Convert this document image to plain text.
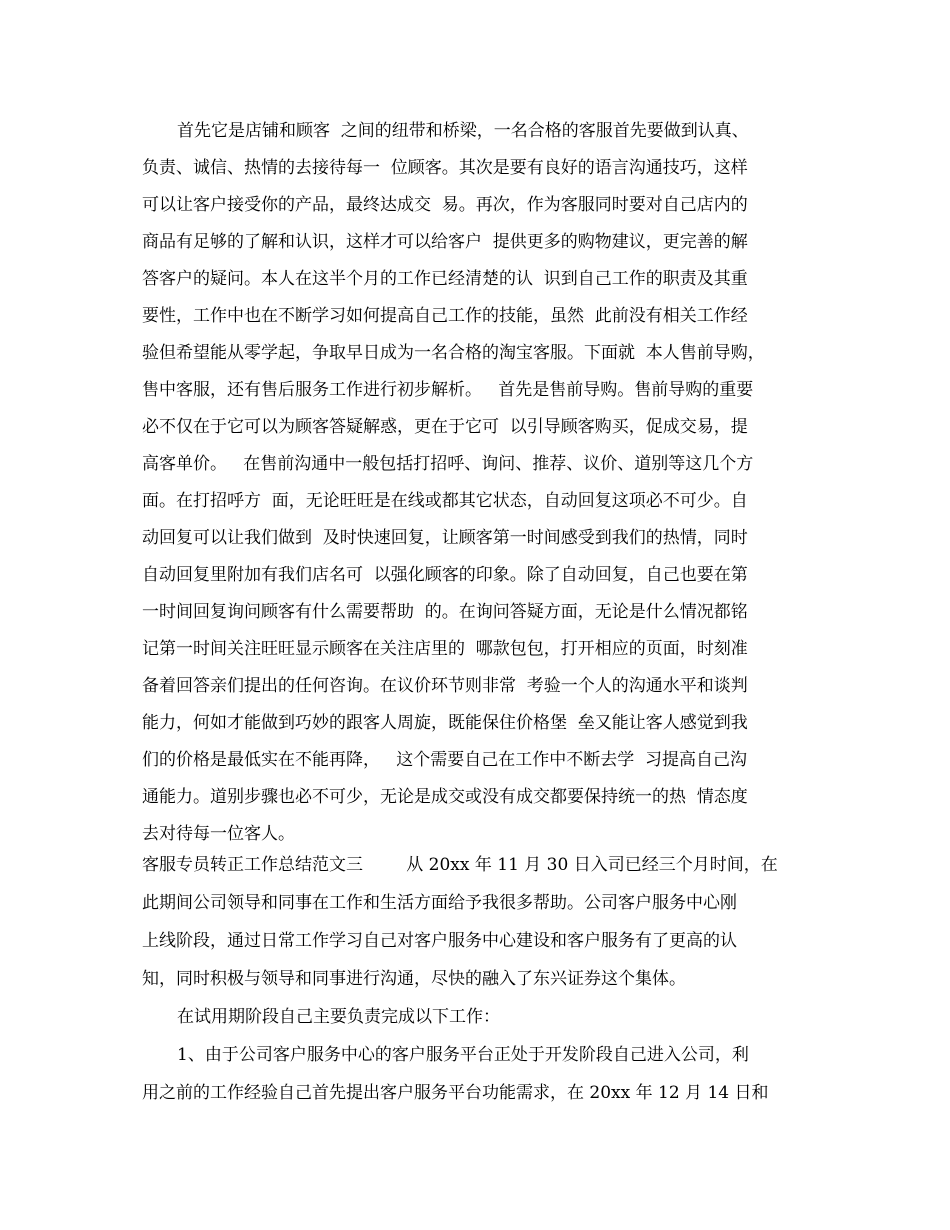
首先它是店铺和顾客  之间的纽带和桥梁，一名合格的客服首先要做到认真、
负责、诚信、热情的去接待每一  位顾客。其次是要有良好的语言沟通技巧，这样
可以让客户接受你的产品，最终达成交  易。再次，作为客服同时要对自己店内的
商品有足够的了解和认识，这样才可以给客户  提供更多的购物建议，更完善的解
答客户的疑问。本人在这半个月的工作已经清楚的认  识到自己工作的职责及其重
要性，工作中也在不断学习如何提高自己工作的技能，虽然  此前没有相关工作经
验但希望能从零学起，争取早日成为一名合格的淘宝客服。下面就  本人售前导购，
售中客服，还有售后服务工作进行初步解析。   首先是售前导购。售前导购的重要
必不仅在于它可以为顾客答疑解惑，更在于它可  以引导顾客购买，促成交易，提
高客单价。   在售前沟通中一般包括打招呼、询问、推荐、议价、道别等这几个方
面。在打招呼方  面，无论旺旺是在线或都其它状态，自动回复这项必不可少。自
动回复可以让我们做到  及时快速回复，让顾客第一时间感受到我们的热情，同时
自动回复里附加有我们店名可  以强化顾客的印象。除了自动回复，自己也要在第
一时间回复询问顾客有什么需要帮助  的。在询问答疑方面，无论是什么情况都铭
记第一时间关注旺旺显示顾客在关注店里的  哪款包包，打开相应的页面，时刻准
备着回答亲们提出的任何咨询。在议价环节则非常  考验一个人的沟通水平和谈判
能力，何如才能做到巧妙的跟客人周旋，既能保住价格堡  垒又能让客人感觉到我
们的价格是最低实在不能再降，   这个需要自己在工作中不断去学  习提高自己沟
通能力。道别步骤也必不可少，无论是成交或没有成交都要保持统一的热  情态度
去对待每一位客人。
客服专员转正工作总结范文三        从 20xx 年 11 月 30 日入司已经三个月时间，在
此期间公司领导和同事在工作和生活方面给予我很多帮助。公司客户服务中心刚
上线阶段，通过日常工作学习自己对客户服务中心建设和客户服务有了更高的认
知，同时积极与领导和同事进行沟通，尽快的融入了东兴证券这个集体。
在试用期阶段自己主要负责完成以下工作：
1、由于公司客户服务中心的客户服务平台正处于开发阶段自己进入公司，利
用之前的工作经验自己首先提出客户服务平台功能需求，在 20xx 年 12 月 14 日和
